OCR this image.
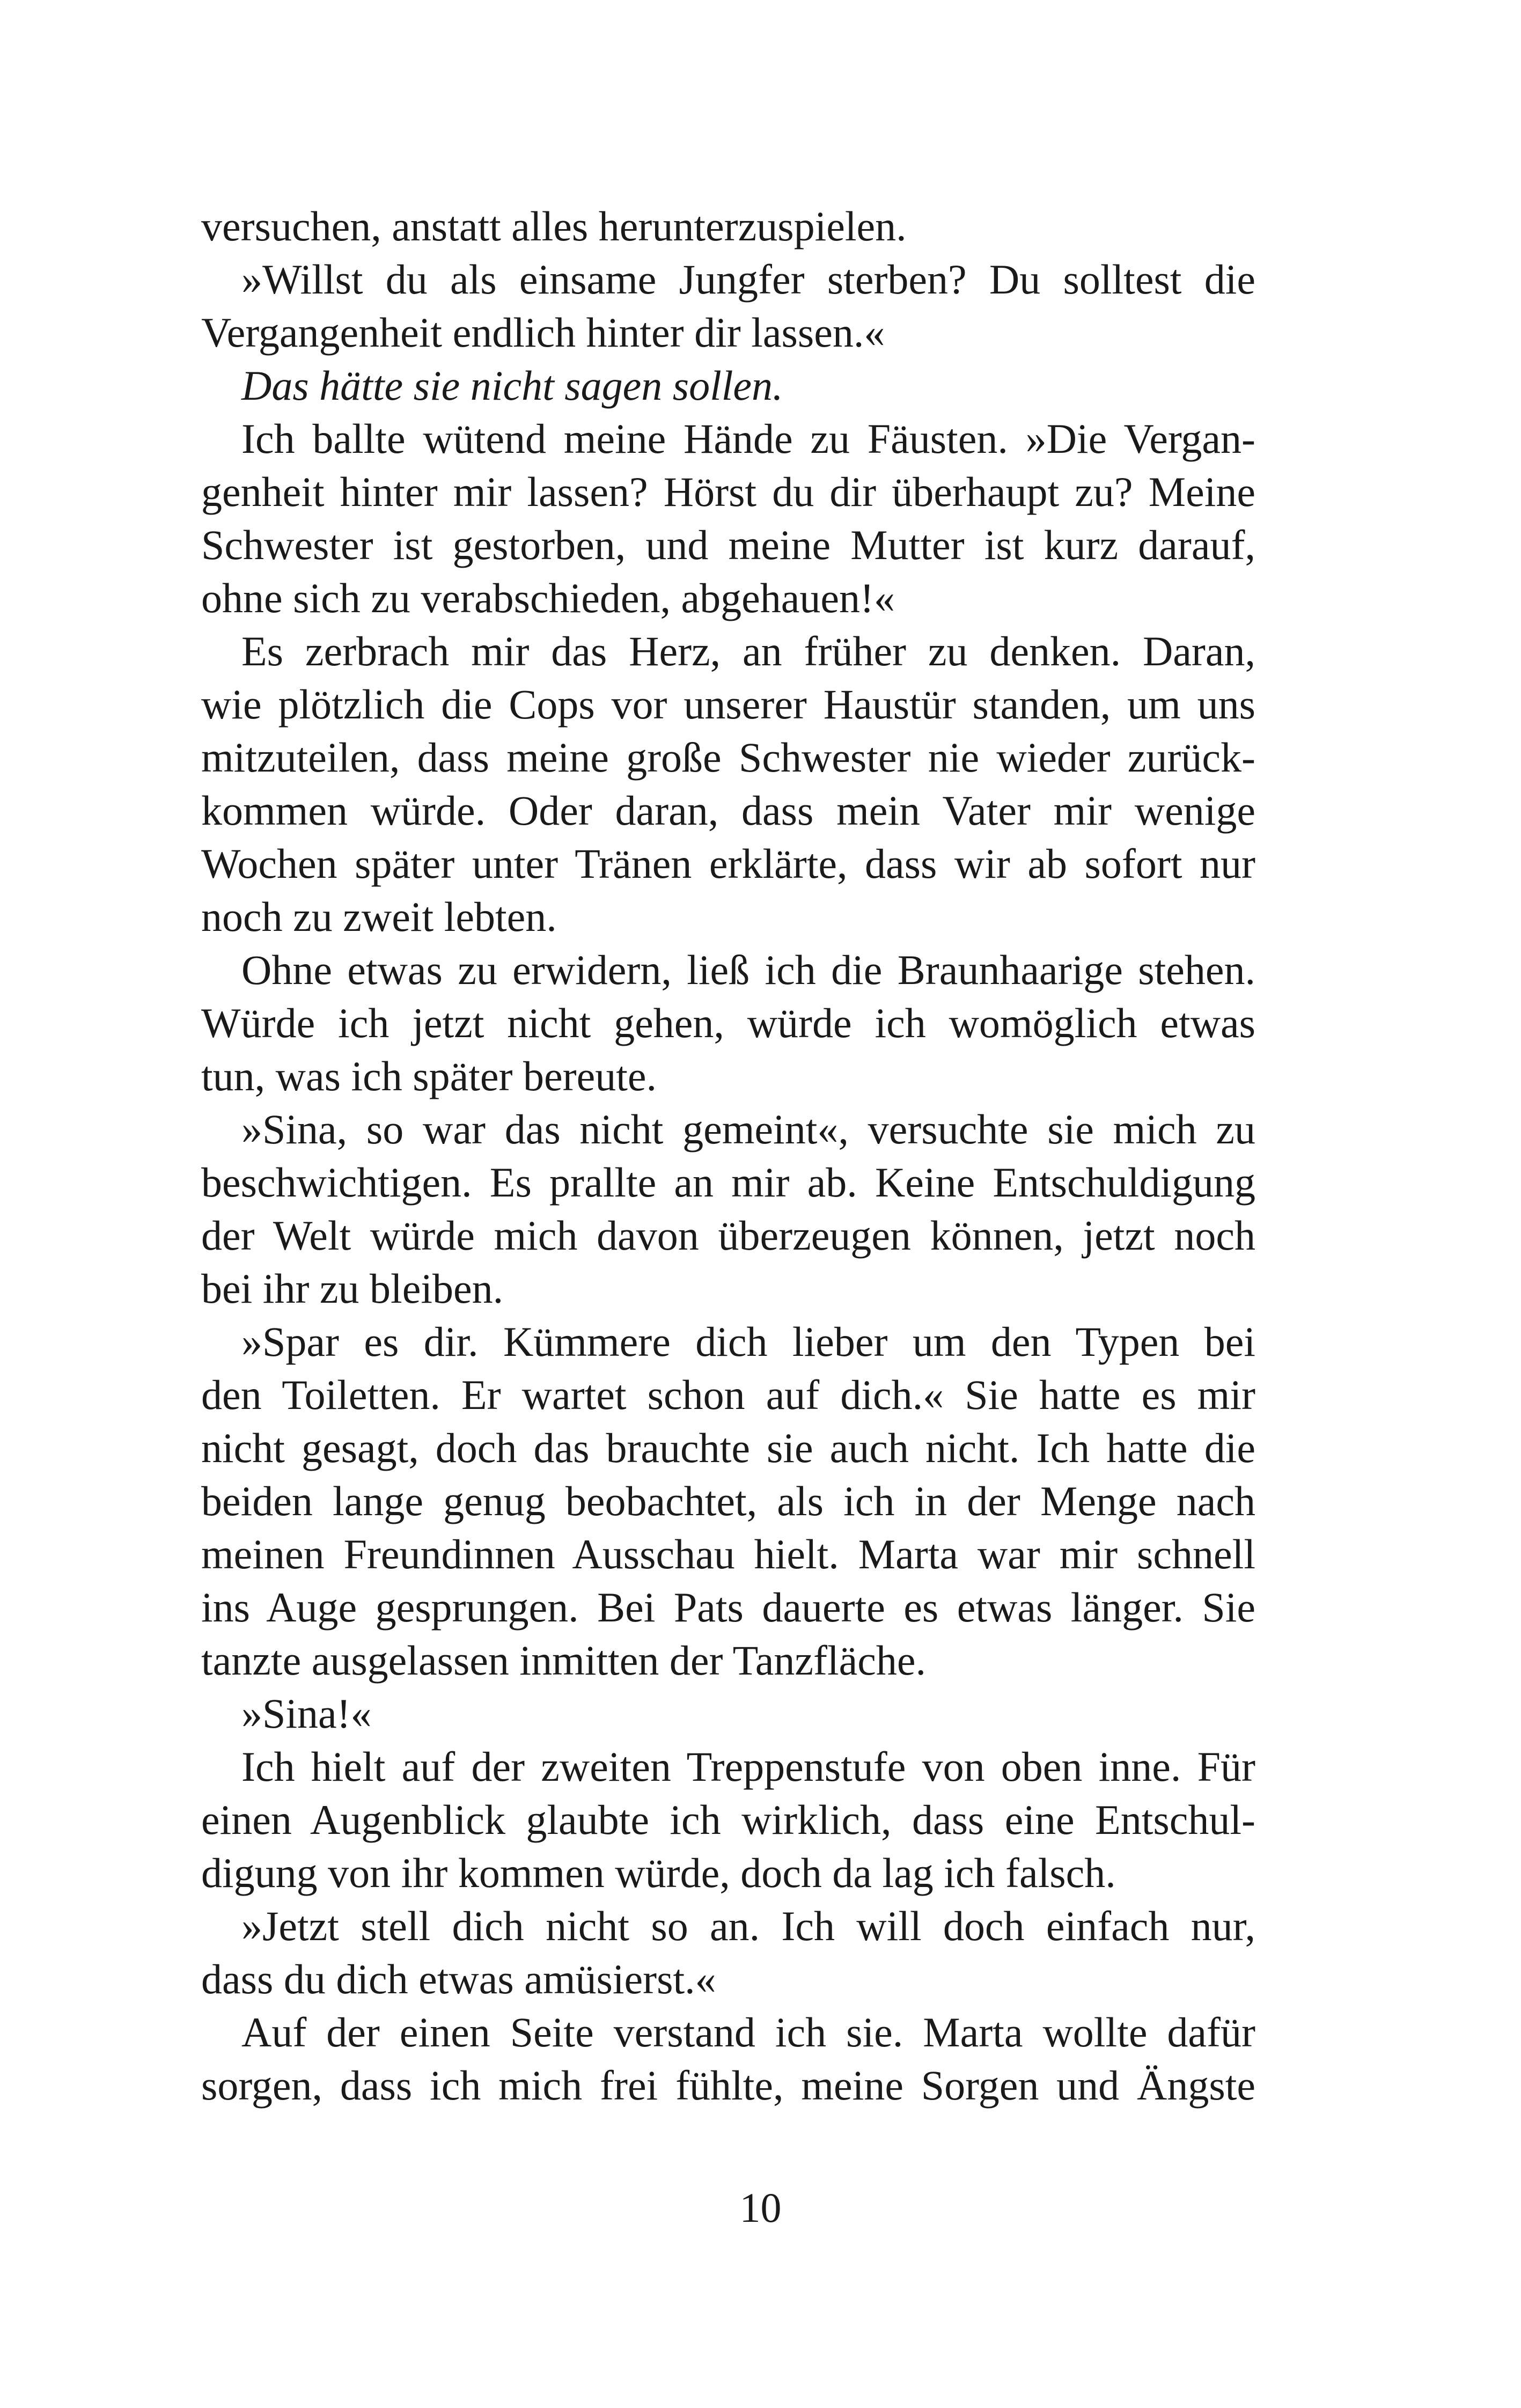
versuchen, anstatt alles herunterzuspielen.
»Willst du als einsame Jungfer sterben? Du solltest die
Vergangenheit endlich hinter dir lassen.«
Das hätte sie nicht sagen sollen.
Ich ballte wütend meine Hände zu Fäusten. »Die Vergan-
genheit hinter mir lassen? Hörst du dir überhaupt zu? Meine
Schwester ist gestorben, und meine Mutter ist kurz darauf,
ohne sich zu verabschieden, abgehauen!«
Es zerbrach mir das Herz, an früher zu denken. Daran,
wie plötzlich die Cops vor unserer Haustür standen, um uns
mitzuteilen, dass meine große Schwester nie wieder zurück-
kommen würde. Oder daran, dass mein Vater mir wenige
Wochen später unter Tränen erklärte, dass wir ab sofort nur
noch zu zweit lebten.
Ohne etwas zu erwidern, ließ ich die Braunhaarige stehen.
Würde ich jetzt nicht gehen, würde ich womöglich etwas
tun, was ich später bereute.
»Sina, so war das nicht gemeint«, versuchte sie mich zu
beschwichtigen. Es prallte an mir ab. Keine Entschuldigung
der Welt würde mich davon überzeugen können, jetzt noch
bei ihr zu bleiben.
»Spar es dir. Kümmere dich lieber um den Typen bei
den Toiletten. Er wartet schon auf dich.« Sie hatte es mir
nicht gesagt, doch das brauchte sie auch nicht. Ich hatte die
beiden lange genug beobachtet, als ich in der Menge nach
meinen Freundinnen Ausschau hielt. Marta war mir schnell
ins Auge gesprungen. Bei Pats dauerte es etwas länger. Sie
tanzte ausgelassen inmitten der Tanzfläche.
»Sina!«
Ich hielt auf der zweiten Treppenstufe von oben inne. Für
einen Augenblick glaubte ich wirklich, dass eine Entschul-
digung von ihr kommen würde, doch da lag ich falsch.
»Jetzt stell dich nicht so an. Ich will doch einfach nur,
dass du dich etwas amüsierst.«
Auf der einen Seite verstand ich sie. Marta wollte dafür
sorgen, dass ich mich frei fühlte, meine Sorgen und Ängste
10
